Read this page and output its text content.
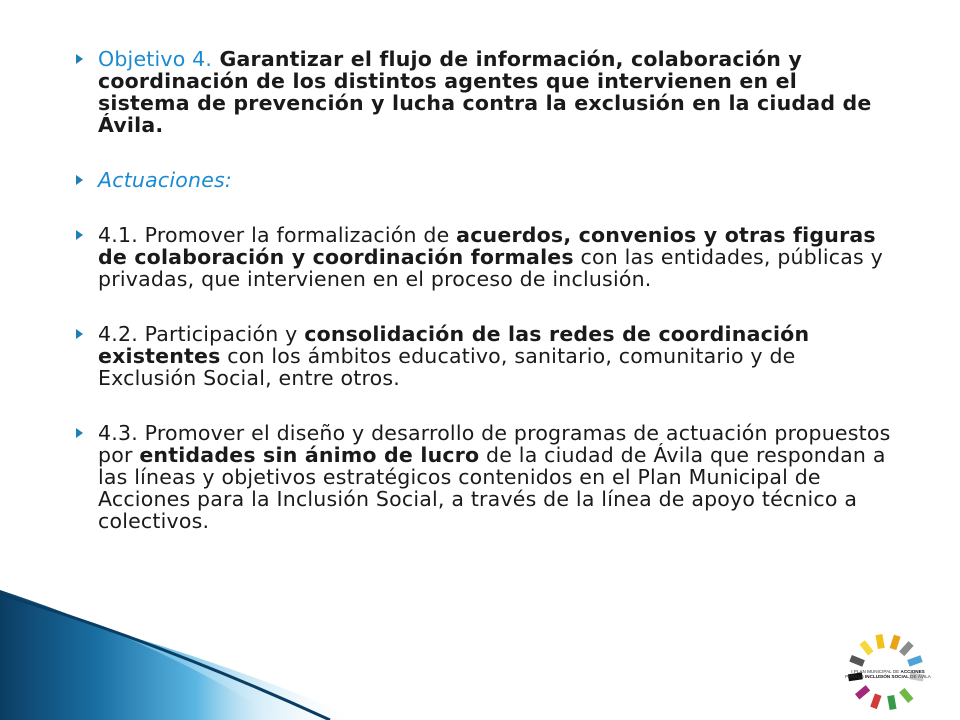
Objetivo 4. Garantizar el flujo de información, colaboración y coordinación de los distintos agentes que intervienen en el sistema de prevención y lucha contra la exclusión en la ciudad de Ávila.
Actuaciones:
4.1. Promover la formalización de acuerdos, convenios y otras figuras de colaboración y coordinación formales con las entidades, públicas y privadas, que intervienen en el proceso de inclusión.
4.2. Participación y consolidación de las redes de coordinación existentes con los ámbitos educativo, sanitario, comunitario y de Exclusión Social, entre otros.
4.3. Promover el diseño y desarrollo de programas de actuación propuestos por entidades sin ánimo de lucro de la ciudad de Ávila que respondan a las líneas y objetivos estratégicos contenidos en el Plan Municipal de Acciones para la Inclusión Social, a través de la línea de apoyo técnico a colectivos.
I PLAN MUNICIPAL DE ACCIONES
PARA LA INCLUSIÓN SOCIAL DE ÁVILA
